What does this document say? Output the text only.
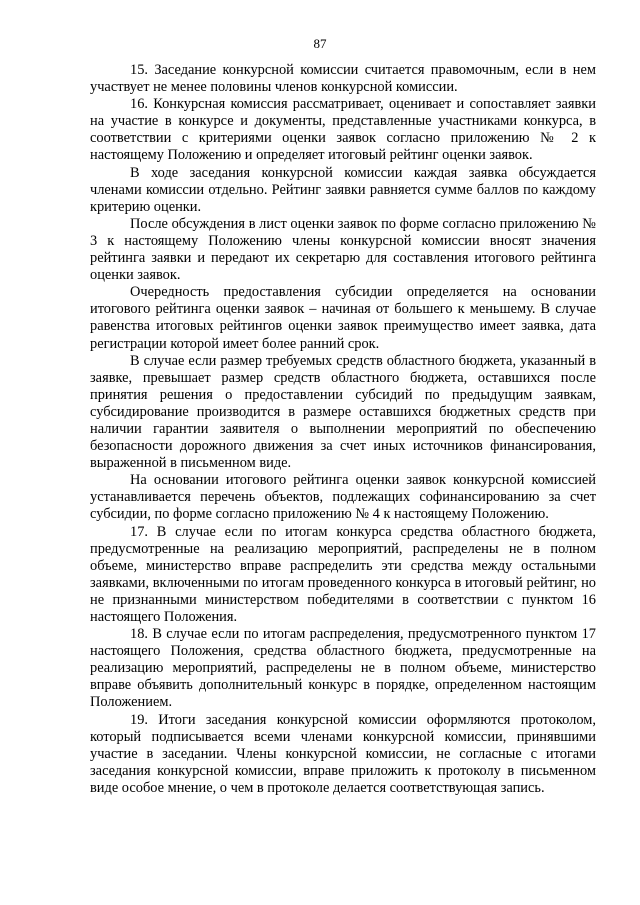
87

15. Заседание конкурсной комиссии считается правомочным, если в нем участвует не менее половины членов конкурсной комиссии.

16. Конкурсная комиссия рассматривает, оценивает и сопоставляет заявки на участие в конкурсе и документы, представленные участниками конкурса, в соответствии с критериями оценки заявок согласно приложению № 2 к настоящему Положению и определяет итоговый рейтинг оценки заявок.

В ходе заседания конкурсной комиссии каждая заявка обсуждается членами комиссии отдельно. Рейтинг заявки равняется сумме баллов по каждому критерию оценки.

После обсуждения в лист оценки заявок по форме согласно приложению № 3 к настоящему Положению члены конкурсной комиссии вносят значения рейтинга заявки и передают их секретарю для составления итогового рейтинга оценки заявок.

Очередность предоставления субсидии определяется на основании итогового рейтинга оценки заявок – начиная от большего к меньшему. В случае равенства итоговых рейтингов оценки заявок преимущество имеет заявка, дата регистрации которой имеет более ранний срок.

В случае если размер требуемых средств областного бюджета, указанный в заявке, превышает размер средств областного бюджета, оставшихся после принятия решения о предоставлении субсидий по предыдущим заявкам, субсидирование производится в размере оставшихся бюджетных средств при наличии гарантии заявителя о выполнении мероприятий по обеспечению безопасности дорожного движения за счет иных источников финансирования, выраженной в письменном виде.

На основании итогового рейтинга оценки заявок конкурсной комиссией устанавливается перечень объектов, подлежащих софинансированию за счет субсидии, по форме согласно приложению № 4 к настоящему Положению.

17. В случае если по итогам конкурса средства областного бюджета, предусмотренные на реализацию мероприятий, распределены не в полном объеме, министерство вправе распределить эти средства между остальными заявками, включенными по итогам проведенного конкурса в итоговый рейтинг, но не признанными министерством победителями в соответствии с пунктом 16 настоящего Положения.

18. В случае если по итогам распределения, предусмотренного пунктом 17 настоящего Положения, средства областного бюджета, предусмотренные на реализацию мероприятий, распределены не в полном объеме, министерство вправе объявить дополнительный конкурс в порядке, определенном настоящим Положением.

19. Итоги заседания конкурсной комиссии оформляются протоколом, который подписывается всеми членами конкурсной комиссии, принявшими участие в заседании. Члены конкурсной комиссии, не согласные с итогами заседания конкурсной комиссии, вправе приложить к протоколу в письменном виде особое мнение, о чем в протоколе делается соответствующая запись.
